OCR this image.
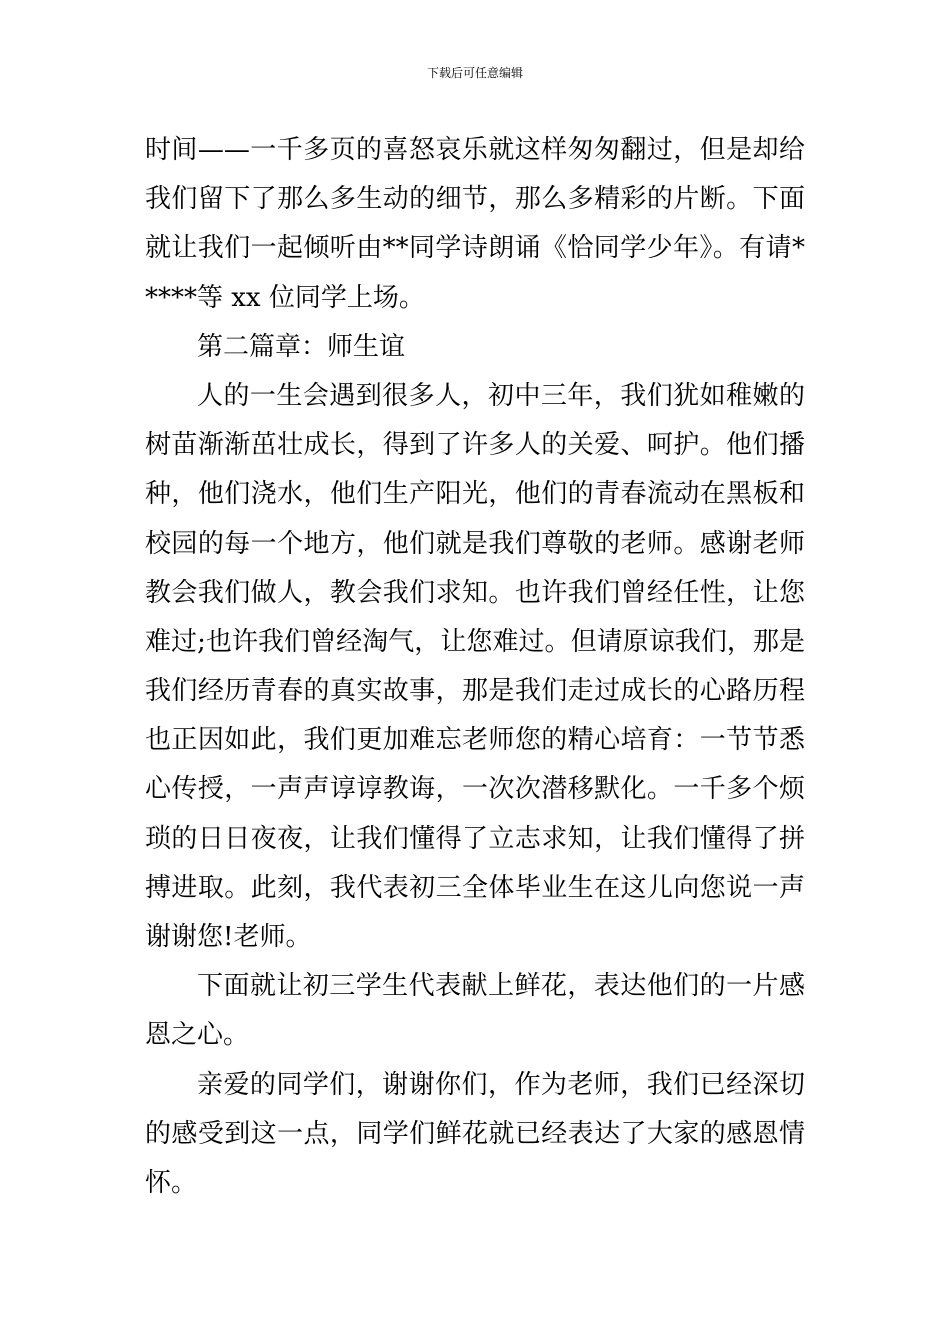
下载后可任意编辑
时间——一千多页的喜怒哀乐就这样匆匆翻过，但是却给
我们留下了那么多生动的细节，那么多精彩的片断。下面
就让我们一起倾听由**同学诗朗诵《恰同学少年》。有请*
****等 xx 位同学上场。
第二篇章：师生谊
人的一生会遇到很多人，初中三年，我们犹如稚嫩的
树苗渐渐茁壮成长，得到了许多人的关爱、呵护。他们播
种，他们浇水，他们生产阳光，他们的青春流动在黑板和
校园的每一个地方，他们就是我们尊敬的老师。感谢老师
教会我们做人，教会我们求知。也许我们曾经任性，让您
难过;也许我们曾经淘气，让您难过。但请原谅我们，那是
我们经历青春的真实故事，那是我们走过成长的心路历程
也正因如此，我们更加难忘老师您的精心培育：一节节悉
心传授，一声声谆谆教诲，一次次潜移默化。一千多个烦
琐的日日夜夜，让我们懂得了立志求知，让我们懂得了拼
搏进取。此刻，我代表初三全体毕业生在这儿向您说一声
谢谢您!老师。
下面就让初三学生代表献上鲜花，表达他们的一片感
恩之心。
亲爱的同学们，谢谢你们，作为老师，我们已经深切
的感受到这一点，同学们鲜花就已经表达了大家的感恩情
怀。
